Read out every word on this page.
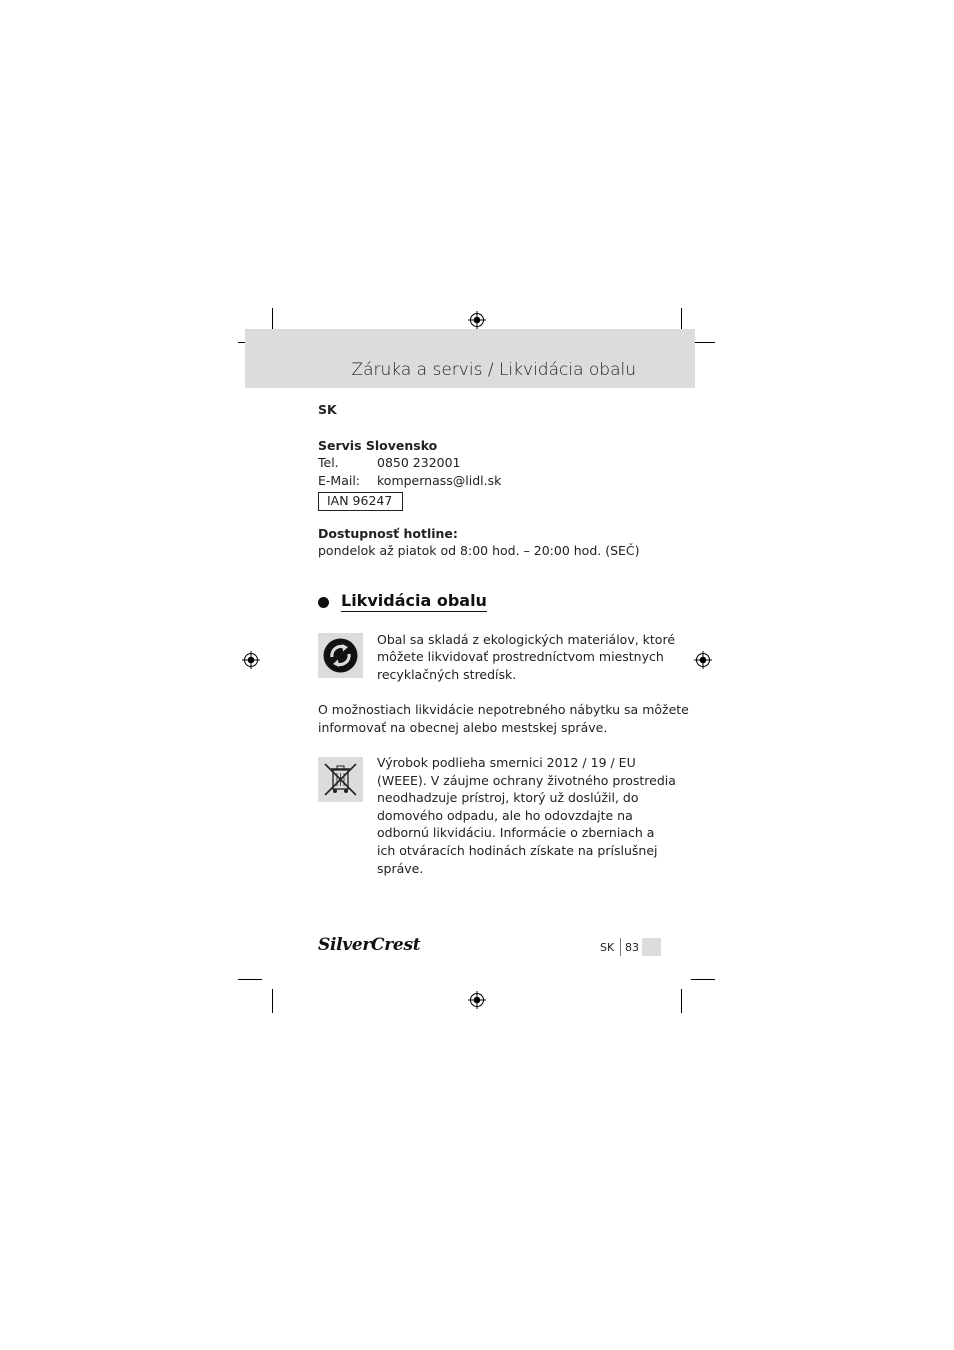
Záruka a servis / Likvidácia obalu
SK
Servis Slovensko
Tel.	0850 232001
E-Mail: kompernass@lidl.sk
IAN 96247
Dostupnosť hotline:
pondelok až piatok od 8:00 hod. – 20:00 hod. (SEČ)
Likvidácia obalu
Obal sa skladá z ekologických materiálov, ktoré
môžete likvidovať prostredníctvom miestnych
recyklačných stredísk.
O možnostiach likvidácie nepotrebného nábytku sa môžete
informovať na obecnej alebo mestskej správe.
Výrobok podlieha smernici 2012 / 19 / EU
(WEEE). V záujme ochrany životného prostredia
neodhadzuje prístroj, ktorý už doslúžil, do
domového odpadu, ale ho odovzdajte na
odbornú likvidáciu. Informácie o zberniach a
ich otváracích hodinách získate na príslušnej
správe.
SilverCrest	SK 83
